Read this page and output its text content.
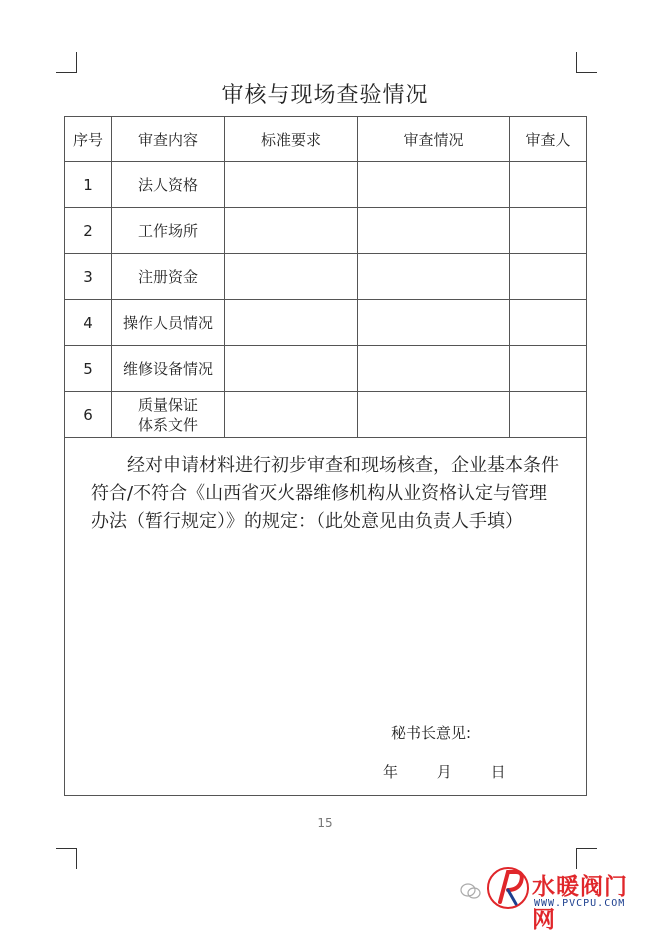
审核与现场查验情况
序号	审查内容	标准要求	审查情况	审查人
1	法人资格			
2	工作场所			
3	注册资金			
4	操作人员情况			
5	维修设备情况			
6	质量保证
体系文件			

经对申请材料进行初步审查和现场核查，企业基本条件符合/不符合《山西省灭火器维修机构从业资格认定与管理办法（暂行规定）》的规定：（此处意见由负责人手填）
秘书长意见:
年 月 日				
15
水暖阀门网
WWW.PVCPU.COM
